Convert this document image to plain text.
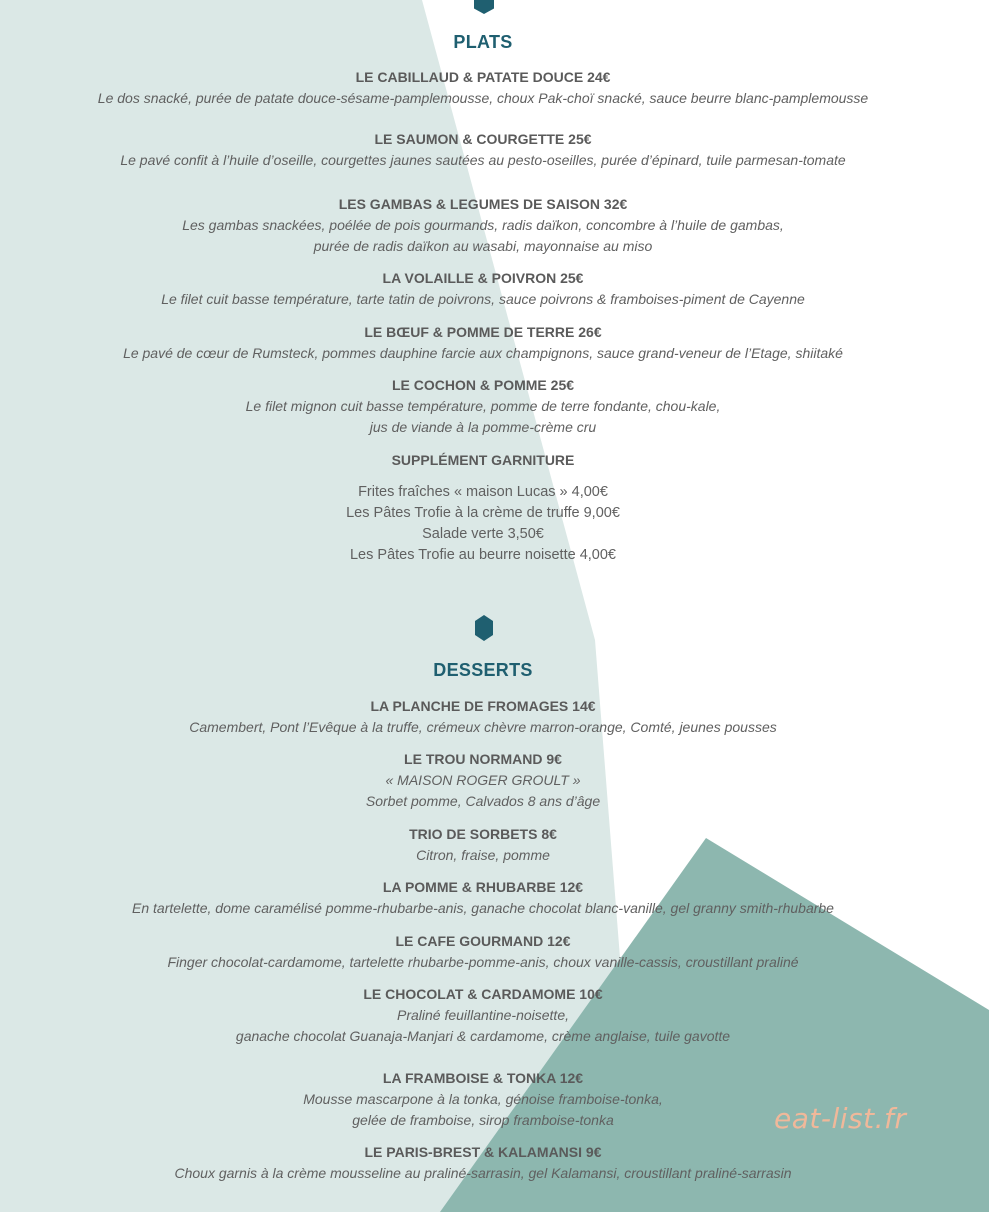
PLATS
LE CABILLAUD & PATATE DOUCE 24€
Le dos snacké, purée de patate douce-sésame-pamplemousse, choux Pak-choï snacké, sauce beurre blanc-pamplemousse
LE SAUMON & COURGETTE 25€
Le pavé confit à l’huile d’oseille, courgettes jaunes sautées au pesto-oseilles, purée d’épinard, tuile parmesan-tomate
LES GAMBAS & LEGUMES DE SAISON 32€
Les gambas snackées, poélée de pois gourmands, radis daïkon, concombre à l’huile de gambas,
purée de radis daïkon au wasabi, mayonnaise au miso
LA VOLAILLE & POIVRON 25€
Le filet cuit basse température, tarte tatin de poivrons, sauce poivrons & framboises-piment de Cayenne
LE BŒUF & POMME DE TERRE 26€
Le pavé de cœur de Rumsteck, pommes dauphine farcie aux champignons, sauce grand-veneur de l’Etage, shiitaké
LE COCHON & POMME 25€
Le filet mignon cuit basse température, pomme de terre fondante, chou-kale,
jus de viande à la pomme-crème cru
SUPPLÉMENT GARNITURE
Frites fraîches « maison Lucas » 4,00€
Les Pâtes Trofie à la crème de truffe 9,00€
Salade verte 3,50€
Les Pâtes Trofie au beurre noisette 4,00€
DESSERTS
LA PLANCHE DE FROMAGES 14€
Camembert, Pont l’Evêque à la truffe, crémeux chèvre marron-orange, Comté, jeunes pousses
LE TROU NORMAND 9€
« MAISON ROGER GROULT »
Sorbet pomme, Calvados 8 ans d’âge
TRIO DE SORBETS 8€
Citron, fraise, pomme
LA POMME & RHUBARBE 12€
En tartelette, dome caramélisé pomme-rhubarbe-anis, ganache chocolat blanc-vanille, gel granny smith-rhubarbe
LE CAFE GOURMAND 12€
Finger chocolat-cardamome, tartelette rhubarbe-pomme-anis, choux vanille-cassis, croustillant praliné
LE CHOCOLAT & CARDAMOME 10€
Praliné feuillantine-noisette,
ganache chocolat Guanaja-Manjari & cardamome, crème anglaise, tuile gavotte
LA FRAMBOISE & TONKA 12€
Mousse mascarpone à la tonka, génoise framboise-tonka,
gelée de framboise, sirop framboise-tonka
LE PARIS-BREST & KALAMANSI 9€
Choux garnis à la crème mousseline au praliné-sarrasin, gel Kalamansi, croustillant praliné-sarrasin
eat-list.fr
